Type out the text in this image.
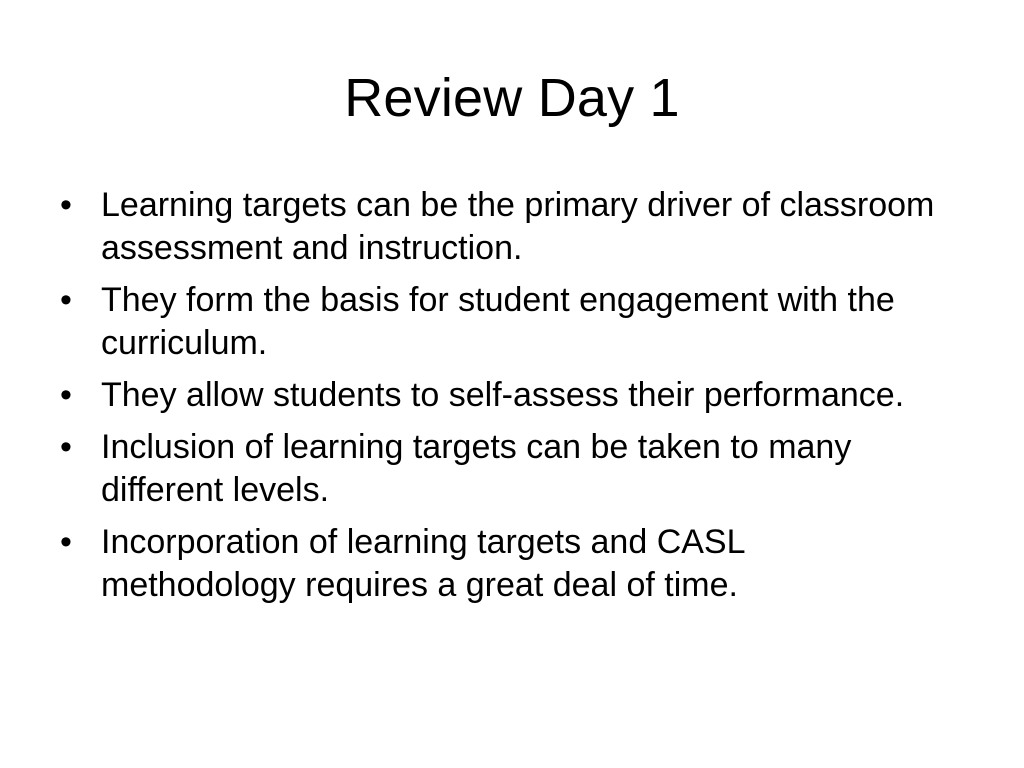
Review Day 1
• Learning targets can be the primary driver of classroom assessment and instruction.
• They form the basis for student engagement with the curriculum.
• They allow students to self-assess their performance.
• Inclusion of learning targets can be taken to many different levels.
• Incorporation of learning targets and CASL methodology requires a great deal of time.
